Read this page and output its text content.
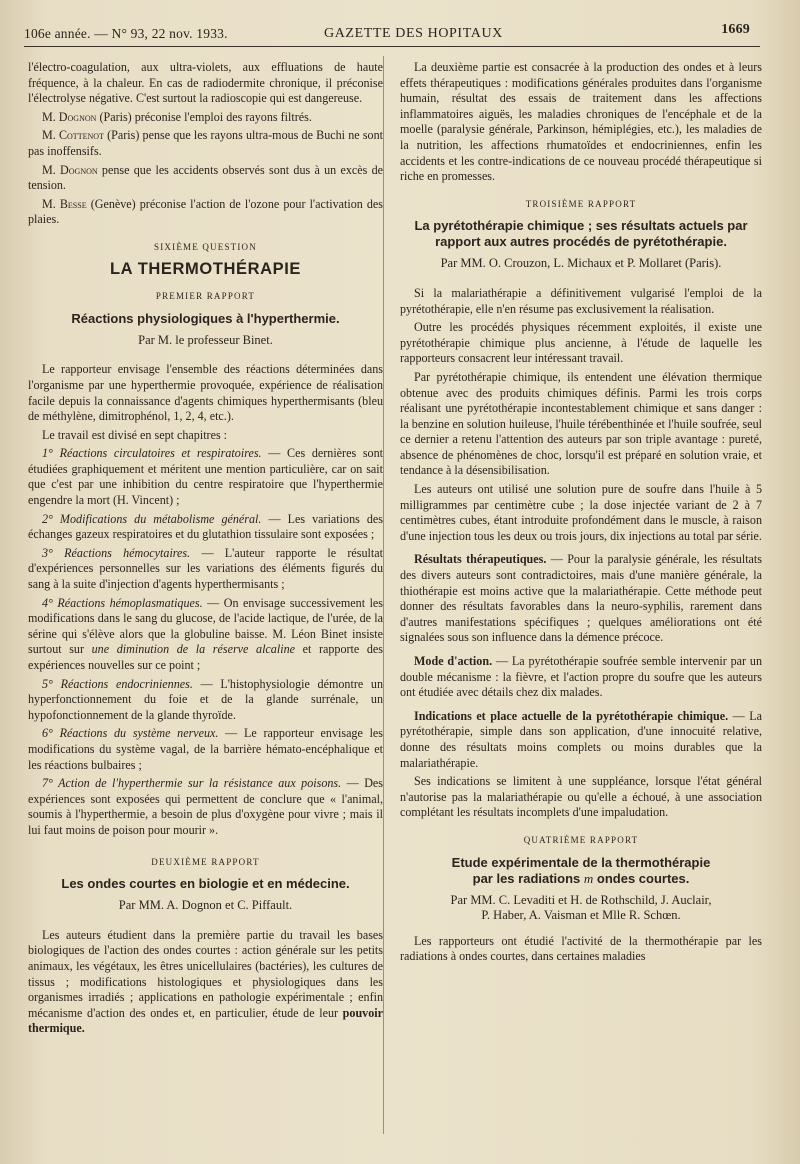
106e année. — N° 93, 22 nov. 1933.	GAZETTE DES HOPITAUX	1669

l'électro-coagulation, aux ultra-violets, aux effluations de haute fréquence, à la chaleur. En cas de radiodermite chronique, il préconise l'électrolyse négative. C'est surtout la radioscopie qui est dangereuse.

M. Dognon (Paris) préconise l'emploi des rayons filtrés.

M. Cottenot (Paris) pense que les rayons ultra-mous de Buchi ne sont pas inoffensifs.

M. Dognon pense que les accidents observés sont dus à un excès de tension.

M. Besse (Genève) préconise l'action de l'ozone pour l'activation des plaies.

SIXIÈME QUESTION
LA THERMOTHÉRAPIE
PREMIER RAPPORT
Réactions physiologiques à l'hyperthermie.
Par M. le professeur Binet.

Le rapporteur envisage l'ensemble des réactions déterminées dans l'organisme par une hyperthermie provoquée, expérience de réalisation facile depuis la connaissance d'agents chimiques hyperthermisants (bleu de méthylène, dimitrophénol, 1, 2, 4, etc.).

Le travail est divisé en sept chapitres :

1° Réactions circulatoires et respiratoires. — Ces dernières sont étudiées graphiquement et méritent une mention particulière, car on sait que c'est par une inhibition du centre respiratoire que l'hyperthermie engendre la mort (H. Vincent) ;

2° Modifications du métabolisme général. — Les variations des échanges gazeux respiratoires et du glutathion tissulaire sont exposées ;

3° Réactions hémocytaires. — L'auteur rapporte le résultat d'expériences personnelles sur les variations des éléments figurés du sang à la suite d'injection d'agents hyperthermisants ;

4° Réactions hémoplasmatiques. — On envisage successivement les modifications dans le sang du glucose, de l'acide lactique, de l'urée, de la sérine qui s'élève alors que la globuline baisse. M. Léon Binet insiste surtout sur une diminution de la réserve alcaline et rapporte des expériences nouvelles sur ce point ;

5° Réactions endocriniennes. — L'histophysiologie démontre un hyperfonctionnement du foie et de la glande surrénale, un hypofonctionnement de la glande thyroïde.

6° Réactions du système nerveux. — Le rapporteur envisage les modifications du système vagal, de la barrière hémato-encéphalique et les réactions bulbaires ;

7° Action de l'hyperthermie sur la résistance aux poisons. — Des expériences sont exposées qui permettent de conclure que « l'animal, soumis à l'hyperthermie, a besoin de plus d'oxygène pour vivre ; mais il lui faut moins de poison pour mourir ».

DEUXIÈME RAPPORT
Les ondes courtes en biologie et en médecine.
Par MM. A. Dognon et C. Piffault.

Les auteurs étudient dans la première partie du travail les bases biologiques de l'action des ondes courtes : action générale sur les petits animaux, les végétaux, les êtres unicellulaires (bactéries), les cultures de tissus ; modifications histologiques et physiologiques dans les organismes irradiés ; applications en pathologie expérimentale ; enfin mécanisme d'action des ondes et, en particulier, étude de leur pouvoir thermique.

La deuxième partie est consacrée à la production des ondes et à leurs effets thérapeutiques : modifications générales produites dans l'organisme humain, résultat des essais de traitement dans les affections inflammatoires aiguës, les maladies chroniques de l'encéphale et de la moelle (paralysie générale, Parkinson, hémiplégies, etc.), les maladies de la nutrition, les affections rhumatoïdes et endocriniennes, enfin les accidents et les contre-indications de ce nouveau procédé thérapeutique si riche en promesses.

TROISIÈME RAPPORT
La pyrétothérapie chimique ; ses résultats actuels par rapport aux autres procédés de pyrétothérapie.
Par MM. O. Crouzon, L. Michaux et P. Mollaret (Paris).

Si la malariathérapie a définitivement vulgarisé l'emploi de la pyrétothérapie, elle n'en résume pas exclusivement la réalisation.

Outre les procédés physiques récemment exploités, il existe une pyrétothérapie chimique plus ancienne, à l'étude de laquelle les rapporteurs consacrent leur intéressant travail.

Par pyrétothérapie chimique, ils entendent une élévation thermique obtenue avec des produits chimiques définis. Parmi les trois corps réalisant une pyrétothérapie incontestablement chimique et sans danger : la benzine en solution huileuse, l'huile térébenthinée et l'huile soufrée, seul ce dernier a retenu l'attention des auteurs par son triple avantage : pureté, absence de phénomènes de choc, lorsqu'il est préparé en solution vraie, et tendance à la désensibilisation.

Les auteurs ont utilisé une solution pure de soufre dans l'huile à 5 milligrammes par centimètre cube ; la dose injectée variant de 2 à 7 centimètres cubes, étant introduite profondément dans le muscle, à raison d'une injection tous les deux ou trois jours, dix injections au total par série.

Résultats thérapeutiques. — Pour la paralysie générale, les résultats des divers auteurs sont contradictoires, mais d'une manière générale, la thiothérapie est moins active que la malariathérapie. Cette méthode peut donner des résultats favorables dans la neuro-syphilis, rarement dans d'autres manifestations spécifiques ; quelques améliorations ont été signalées sous son influence dans la démence précoce.

Mode d'action. — La pyrétothérapie soufrée semble intervenir par un double mécanisme : la fièvre, et l'action propre du soufre que les auteurs ont étudiée avec détails chez dix malades.

Indications et place actuelle de la pyrétothérapie chimique. — La pyrétothérapie, simple dans son application, d'une innocuité relative, donne des résultats moins complets ou moins durables que la malariathérapie.

Ses indications se limitent à une suppléance, lorsque l'état général n'autorise pas la malariathérapie ou qu'elle a échoué, à une association complétant les résultats incomplets d'une impaludation.

QUATRIÈME RAPPORT
Etude expérimentale de la thermothérapie
par les radiations m ondes courtes.
Par MM. C. Levaditi et H. de Rothschild, J. Auclair,
P. Haber, A. Vaisman et Mlle R. Schœn.

Les rapporteurs ont étudié l'activité de la thermothérapie par les radiations à ondes courtes, dans certaines maladies
